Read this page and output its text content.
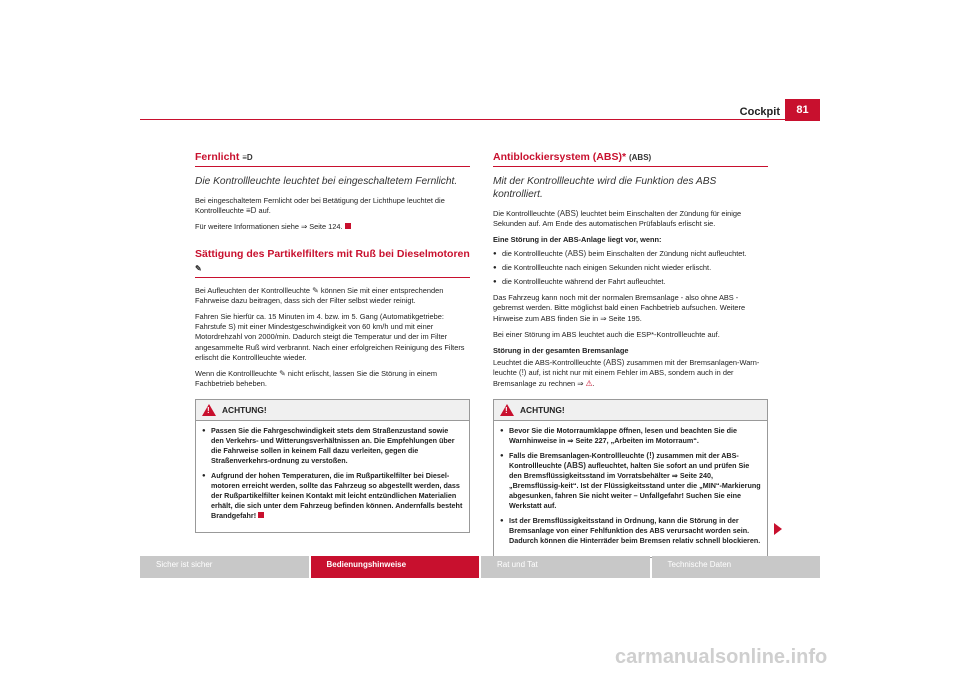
Cockpit	81
Fernlicht ≡D
Die Kontrollleuchte leuchtet bei eingeschaltetem Fernlicht.

Bei eingeschaltetem Fernlicht oder bei Betätigung der Lichthupe leuchtet die Kontrollleuchte ≡D auf.

Für weitere Informationen siehe ⇒ Seite 124.

Sättigung des Partikelfilters mit Ruß bei Dieselmotoren ✎

Bei Aufleuchten der Kontrollleuchte ✎ können Sie mit einer entsprechenden Fahrweise dazu beitragen, dass sich der Filter selbst wieder reinigt.

Fahren Sie hierfür ca. 15 Minuten im 4. bzw. im 5. Gang (Automatikgetriebe: Fahrstufe S) mit einer Mindestgeschwindigkeit von 60 km/h und mit einer Motordrehzahl von 2000/min. Dadurch steigt die Temperatur und der im Filter angesammelte Ruß wird verbrannt. Nach einer erfolgreichen Reinigung des Filters erlischt die Kontrollleuchte wieder.

Wenn die Kontrollleuchte ✎ nicht erlischt, lassen Sie die Störung in einem Fachbetrieb beheben.

! ACHTUNG!
● Passen Sie die Fahrgeschwindigkeit stets dem Straßenzustand sowie den Verkehrs- und Witterungsverhältnissen an. Die Empfehlungen über die Fahrweise sollen in keinem Fall dazu verleiten, gegen die Straßenverkehrs-ordnung zu verstoßen.
● Aufgrund der hohen Temperaturen, die im Rußpartikelfilter bei Diesel-motoren erreicht werden, sollte das Fahrzeug so abgestellt werden, dass der Rußpartikelfilter keinen Kontakt mit leicht entzündlichen Materialien erhält, die sich unter dem Fahrzeug befinden können. Andernfalls besteht Brandgefahr!
Antiblockiersystem (ABS)* (ABS)
Mit der Kontrollleuchte wird die Funktion des ABS kontrolliert.

Die Kontrollleuchte (ABS) leuchtet beim Einschalten der Zündung für einige Sekunden auf. Am Ende des automatischen Prüfablaufs erlischt sie.

Eine Störung in der ABS-Anlage liegt vor, wenn:

● die Kontrollleuchte (ABS) beim Einschalten der Zündung nicht aufleuchtet.
● die Kontrollleuchte nach einigen Sekunden nicht wieder erlischt.
● die Kontrollleuchte während der Fahrt aufleuchtet.

Das Fahrzeug kann noch mit der normalen Bremsanlage - also ohne ABS - gebremst werden. Bitte möglichst bald einen Fachbetrieb aufsuchen. Weitere Hinweise zum ABS finden Sie in ⇒ Seite 195.

Bei einer Störung im ABS leuchtet auch die ESP*-Kontrollleuchte auf.

Störung in der gesamten Bremsanlage

Leuchtet die ABS-Kontrollleuchte (ABS) zusammen mit der Bremsanlagen-Warn-leuchte (!) auf, ist nicht nur mit einem Fehler im ABS, sondern auch in der Bremsanlage zu rechnen ⇒ ⚠.

! ACHTUNG!
● Bevor Sie die Motorraumklappe öffnen, lesen und beachten Sie die Warnhinweise in ⇒ Seite 227, „Arbeiten im Motorraum“.
● Falls die Bremsanlagen-Kontrollleuchte (!) zusammen mit der ABS-Kontrollleuchte (ABS) aufleuchtet, halten Sie sofort an und prüfen Sie den Bremsflüssigkeitsstand im Vorratsbehälter ⇒ Seite 240, „Bremsflüssig-keit“. Ist der Flüssigkeitsstand unter die „MIN“-Markierung abgesunken, fahren Sie nicht weiter – Unfallgefahr! Suchen Sie eine Werkstatt auf.
● Ist der Bremsflüssigkeitsstand in Ordnung, kann die Störung in der Bremsanlage von einer Fehlfunktion des ABS verursacht worden sein. Dadurch können die Hinterräder beim Bremsen relativ schnell blockieren.
Sicher ist sicher	Bedienungshinweise	Rat und Tat	Technische Daten
carmanualsonline.info
